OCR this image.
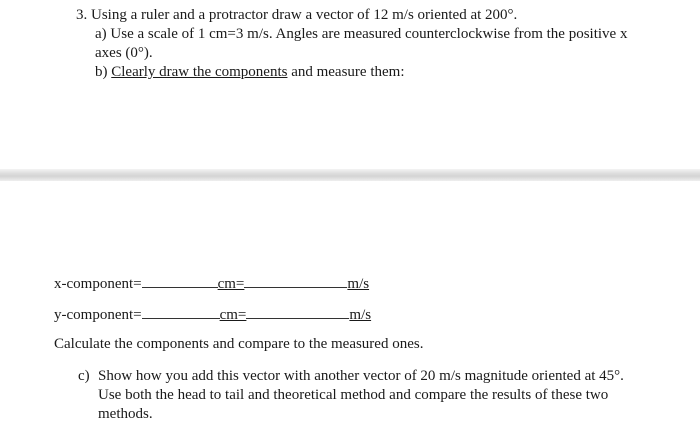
3. Using a ruler and a protractor draw a vector of 12 m/s oriented at 200°.
a) Use a scale of 1 cm=3 m/s. Angles are measured counterclockwise from the positive x
axes (0°).
b) Clearly draw the components and measure them:
x-component=	cm=	m/s
y-component=	cm=	m/s
Calculate the components and compare to the measured ones.
c) Show how you add this vector with another vector of 20 m/s magnitude oriented at 45°.
Use both the head to tail and theoretical method and compare the results of these two
methods.
